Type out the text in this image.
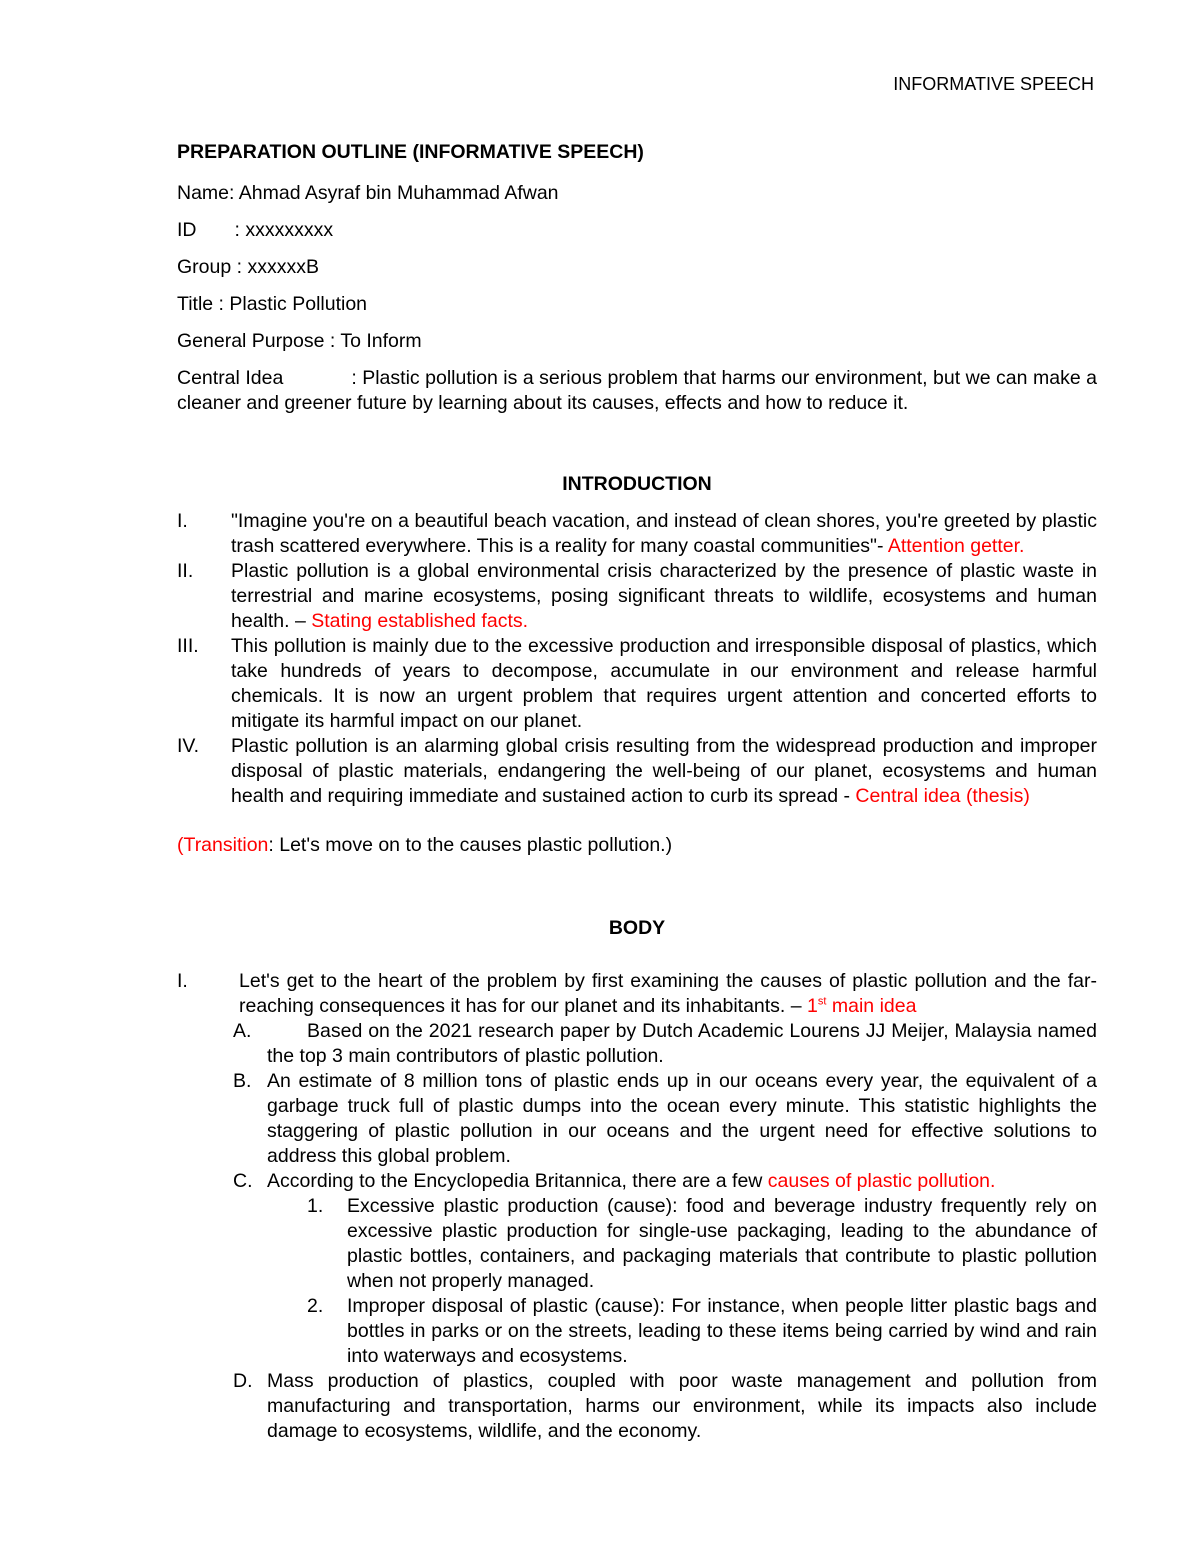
INFORMATIVE SPEECH
PREPARATION OUTLINE (INFORMATIVE SPEECH)
Name: Ahmad Asyraf bin Muhammad Afwan
ID : xxxxxxxxx
Group : xxxxxxB
Title : Plastic Pollution
General Purpose : To Inform
Central Idea	: Plastic pollution is a serious problem that harms our environment, but we can make a cleaner and greener future by learning about its causes, effects and how to reduce it.
INTRODUCTION
I. "Imagine you're on a beautiful beach vacation, and instead of clean shores, you're greeted by plastic trash scattered everywhere. This is a reality for many coastal communities"- Attention getter.
II. Plastic pollution is a global environmental crisis characterized by the presence of plastic waste in terrestrial and marine ecosystems, posing significant threats to wildlife, ecosystems and human health. – Stating established facts.
III. This pollution is mainly due to the excessive production and irresponsible disposal of plastics, which take hundreds of years to decompose, accumulate in our environment and release harmful chemicals. It is now an urgent problem that requires urgent attention and concerted efforts to mitigate its harmful impact on our planet.
IV. Plastic pollution is an alarming global crisis resulting from the widespread production and improper disposal of plastic materials, endangering the well-being of our planet, ecosystems and human health and requiring immediate and sustained action to curb its spread - Central idea (thesis)
(Transition: Let's move on to the causes plastic pollution.)
BODY
I.	Let's get to the heart of the problem by first examining the causes of plastic pollution and the far-reaching consequences it has for our planet and its inhabitants. – 1st main idea
A.	Based on the 2021 research paper by Dutch Academic Lourens JJ Meijer, Malaysia named the top 3 main contributors of plastic pollution.
B. An estimate of 8 million tons of plastic ends up in our oceans every year, the equivalent of a garbage truck full of plastic dumps into the ocean every minute. This statistic highlights the staggering of plastic pollution in our oceans and the urgent need for effective solutions to address this global problem.
C. According to the Encyclopedia Britannica, there are a few causes of plastic pollution.
1. Excessive plastic production (cause): food and beverage industry frequently rely on excessive plastic production for single-use packaging, leading to the abundance of plastic bottles, containers, and packaging materials that contribute to plastic pollution when not properly managed.
2. Improper disposal of plastic (cause): For instance, when people litter plastic bags and bottles in parks or on the streets, leading to these items being carried by wind and rain into waterways and ecosystems.
D. Mass production of plastics, coupled with poor waste management and pollution from manufacturing and transportation, harms our environment, while its impacts also include damage to ecosystems, wildlife, and the economy.
